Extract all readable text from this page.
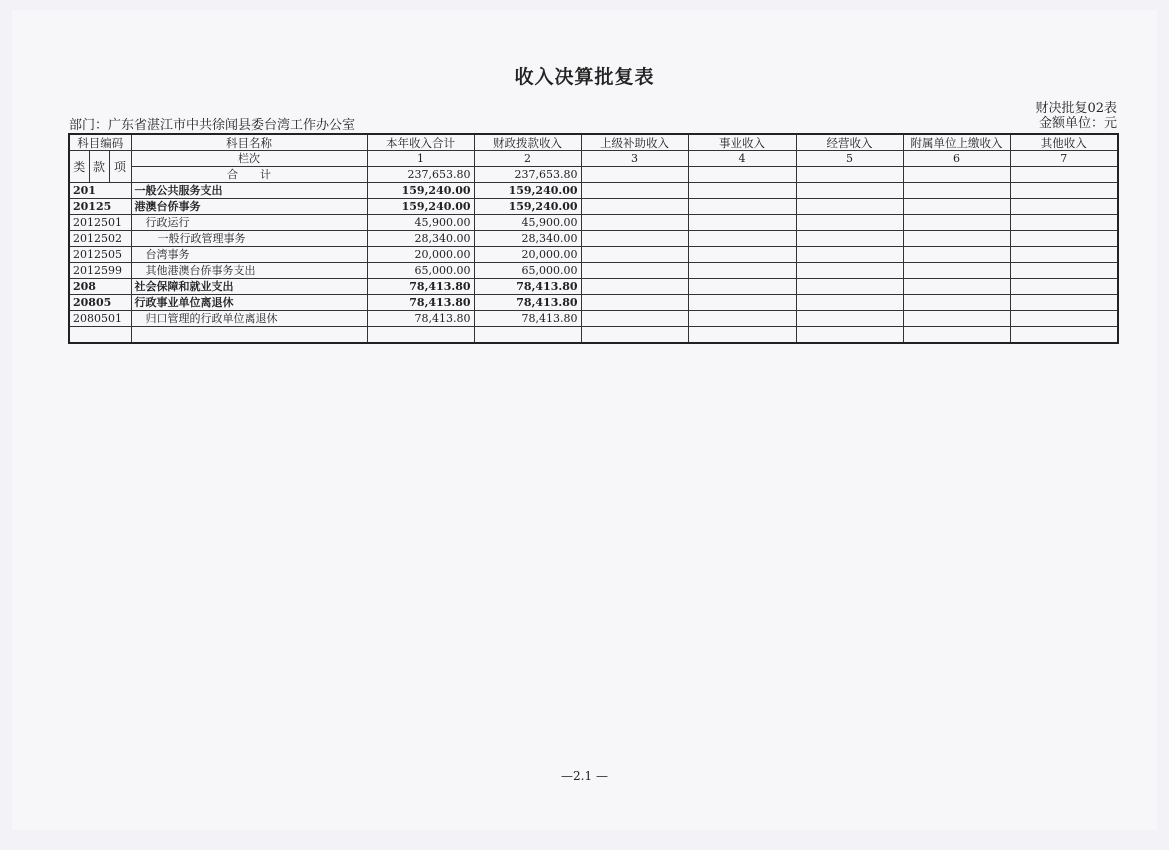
收入决算批复表
部门：广东省湛江市中共徐闻县委台湾工作办公室
财决批复02表
金额单位：元
科目编码			科目名称	本年收入合计	财政拨款收入	上级补助收入	事业收入	经营收入	附属单位上缴收入	其他收入
类	款	项	栏次	1	2	3	4	5	6	7
			合　　计	237,653.80	237,653.80					
201			一般公共服务支出	159,240.00	159,240.00					
20125			港澳台侨事务	159,240.00	159,240.00					
2012501			行政运行	45,900.00	45,900.00					
2012502			一般行政管理事务	28,340.00	28,340.00					
2012505			台湾事务	20,000.00	20,000.00					
2012599			其他港澳台侨事务支出	65,000.00	65,000.00					
208			社会保障和就业支出	78,413.80	78,413.80					
20805			行政事业单位离退休	78,413.80	78,413.80					
2080501			归口管理的行政单位离退休	78,413.80	78,413.80					

—2.1 —
